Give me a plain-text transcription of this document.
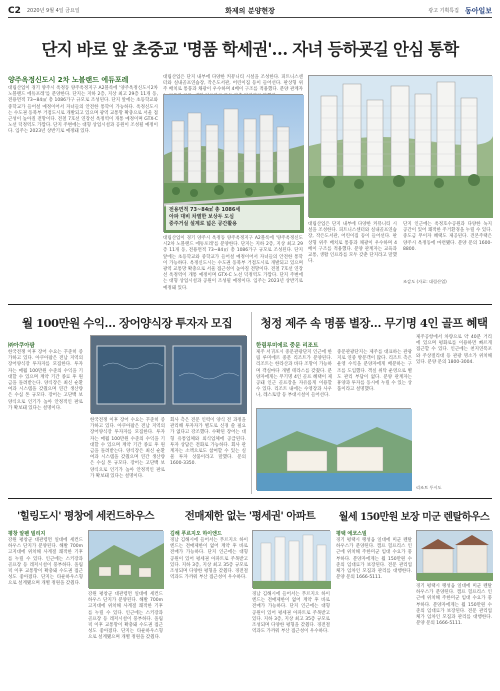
C2 2020년 9월 4일 금요일	화제의 분양현장	광고 기획특집 동아일보
단지 바로 앞 초중교 '명품 학세권'… 자녀 등하굣길 안심 통학
양주옥정신도시 2차 노블랜드 에듀포레
대림산업이 경기 양주시 옥정동 양주옥정지구 A2블록에 '양주옥정신도시2차 노블랜드 에듀포레'를 분양한다. 단지는 지하 2층, 지상 최고 29층 11개 동, 전용면적 73~84㎡ 총 1086가구 규모로 조성된다. 단지 앞에는 초등학교와 중학교가 들어설 예정이어서 자녀들의 안전한 통학이 가능하다. 옥정신도시는 수도권 동북부 거점도시로 개발되고 있으며 광역 교통망 확충으로 서울 접근성이 높아질 전망이다. 전철 7호선 연장선 옥정역이 개통 예정이며 GTX-C 노선 덕정역도 가깝다. 단지 주변에는 대형 상업시설과 공원이 조성될 예정이다. 입주는 2023년 상반기로 예정돼 있다.
대림산업은 단지 내부에 다양한 커뮤니티 시설을 조성한다. 피트니스센터와 실내골프연습장, 작은도서관, 어린이집 등이 들어선다. 판상형 위주 배치로 통풍과 채광이 우수하며 4베이 구조를 적용했다. 분양 관계자
전용면적 73~84㎡ 총 1086세
아파 대비 차별한 보상두 도심
중주거실 설계로 넓은 공간활용
대림산업이 경기 양주시 옥정동 양주옥정지구 A2블록에 '양주옥정신도시2차 노블랜드 에듀포레'를 분양한다. 단지는 지하 2층, 지상 최고 29층 11개 동, 전용면적 73~84㎡ 총 1086가구 규모로 조성된다. 단지 앞에는 초등학교와 중학교가 들어설 예정이어서 자녀들의 안전한 통학이 가능하다. 옥정신도시는 수도권 동북부 거점도시로 개발되고 있으며 광역 교통망 확충으로 서울 접근성이 높아질 전망이다. 전철 7호선 연장선 옥정역이 개통 예정이며 GTX-C 노선 덕정역도 가깝다. 단지 주변에는 대형 상업시설과 공원이 조성될 예정이다. 입주는 2023년 상반기로 예정돼 있다.
대림산업은 단지 내부에 다양한 커뮤니티 시설을 조성한다. 피트니스센터와 실내골프연습장, 작은도서관, 어린이집 등이 들어선다. 판상형 위주 배치로 통풍과 채광이 우수하며 4베이 구조를 적용했다. 분양 관계자는 교육과 교통, 생활 인프라를 모두 갖춘 단지라고 말했다.
단지 인근에는 옥정호수공원과 다양한 녹지 공간이 있어 쾌적한 주거환경을 누릴 수 있다. 중도금 무이자 혜택도 제공된다. 견본주택은 양주시 옥정동에 마련됐다. 분양 문의 1600-8800.
조감도 (자료: 대림산업)
월 100만원 수익… 장어양식장 투자자 모집
㈜아쿠아팜
한국전쟁 이후 장어 수요는 꾸준히 증가하고 있다. 아쿠아팜은 전남 지역의 장어양식장 투자자를 모집한다. 투자자는 매월 100만원 수준의 수익을 기대할 수 있으며 계약 기간 종료 후 원금을 돌려받는다. 양식장은 최신 순환여과 시스템을 갖췄으며 연간 생산량은 수십 톤 규모다. 장어는 고단백 보양식으로 인기가 높아 안정적인 판로가 확보돼 있다는 설명이다.
한국전쟁 이후 장어 수요는 꾸준히 증가하고 있다. 아쿠아팜은 전남 지역의 장어양식장 투자자를 모집한다. 투자자는 매월 100만원 수준의 수익을 기대할 수 있으며 계약 기간 종료 후 원금을 돌려받는다. 양식장은 최신 순환여과 시스템을 갖췄으며 연간 생산량은 수십 톤 규모다. 장어는 고단백 보양식으로 인기가 높아 안정적인 판로가 확보돼 있다는 설명이다.
회사 측은 전문 인력이 양식 전 과정을 관리해 투자자가 별도로 신경 쓸 필요가 없다고 강조했다. 수확된 장어는 대형 유통업체와 외식업체에 공급된다. 투자 상담은 전화로 가능하다. 회사 관계자는 소액으로도 참여할 수 있는 실물 투자 상품이라고 말했다. 문의 1600-3350.
청정 제주 속 명품 별장… 무기명 4인 골프 혜택
한림루미에르 중문 리조트
제주 서귀포시 중문관광단지 인근에 한림 루미에르 중문 리조트가 분양된다. 리조트는 한라산과 바다 조망이 가능하며 객실마다 개별 테라스를 갖췄다. 분양자에게는 무기명 4인 골프 혜택이 제공돼 인근 골프장을 자유롭게 이용할 수 있다. 리조트 내에는 수영장과 사우나, 레스토랑 등 부대시설이 들어선다.
중문관광단지는 제주를 대표하는 관광지로 연중 방문객이 많다. 리조트 측은 운영 수익을 분양자에게 배분하는 구조를 도입했다. 객실 위탁 운영으로 별도 관리 부담이 없다. 분양 관계자는 휴양과 투자를 동시에 누릴 수 있는 상품이라고 설명했다.
제주공항에서 차량으로 약 40분 거리에 있으며 평화로를 이용하면 빠르게 접근할 수 있다. 인근에는 천지연폭포와 주상절리대 등 관광 명소가 위치해 있다. 분양 문의 1800-3004.
리조트 투시도
'힐링도시' 평창에 세컨드하우스
평창 알펜 빌리지
강원 평창군 대관령면 일대에 세컨드하우스 단지가 분양된다. 해발 700m 고지대에 위치해 사계절 쾌적한 기후를 누릴 수 있다. 인근에는 스키장과 골프장 등 레저시설이 풍부하다. 올림픽 이후 교통망이 확충돼 수도권 접근성도 좋아졌다. 단지는 타운하우스형으로 설계됐으며 개별 정원을 갖췄다.
강원 평창군 대관령면 일대에 세컨드하우스 단지가 분양된다. 해발 700m 고지대에 위치해 사계절 쾌적한 기후를 누릴 수 있다. 인근에는 스키장과 골프장 등 레저시설이 풍부하다. 올림픽 이후 교통망이 확충돼 수도권 접근성도 좋아졌다. 단지는 타운하우스형으로 설계됐으며 개별 정원을 갖췄다.
전매제한 없는 '평세권' 아파트
김해 푸르지오 하이엔드
경남 김해시에 들어서는 푸르지오 하이엔드는 전매제한이 없어 계약 후 바로 전매가 가능하다. 단지 인근에는 대형 공원이 있어 평세권 아파트로 주목받고 있다. 지하 3층, 지상 최고 35층 규모로 조성되며 다양한 평형을 갖췄다. 경전철 역과도 가까워 부산 접근성이 우수하다.
경남 김해시에 들어서는 푸르지오 하이엔드는 전매제한이 없어 계약 후 바로 전매가 가능하다. 단지 인근에는 대형 공원이 있어 평세권 아파트로 주목받고 있다. 지하 3층, 지상 최고 35층 규모로 조성되며 다양한 평형을 갖췄다. 경전철 역과도 가까워 부산 접근성이 우수하다.
월세 150만원 보장 미군 렌탈하우스
평택 에코스빌
경기 평택시 팽성읍 일대에 미군 렌탈하우스가 분양된다. 캠프 험프리스 인근에 위치해 주한미군 임대 수요가 풍부하다. 분양자에게는 월 150만원 수준의 임대료가 보장된다. 전문 관리업체가 임차인 모집과 관리를 대행한다. 분양 문의 1666-5111.
경기 평택시 팽성읍 일대에 미군 렌탈하우스가 분양된다. 캠프 험프리스 인근에 위치해 주한미군 임대 수요가 풍부하다. 분양자에게는 월 150만원 수준의 임대료가 보장된다. 전문 관리업체가 임차인 모집과 관리를 대행한다. 분양 문의 1666-5111.
